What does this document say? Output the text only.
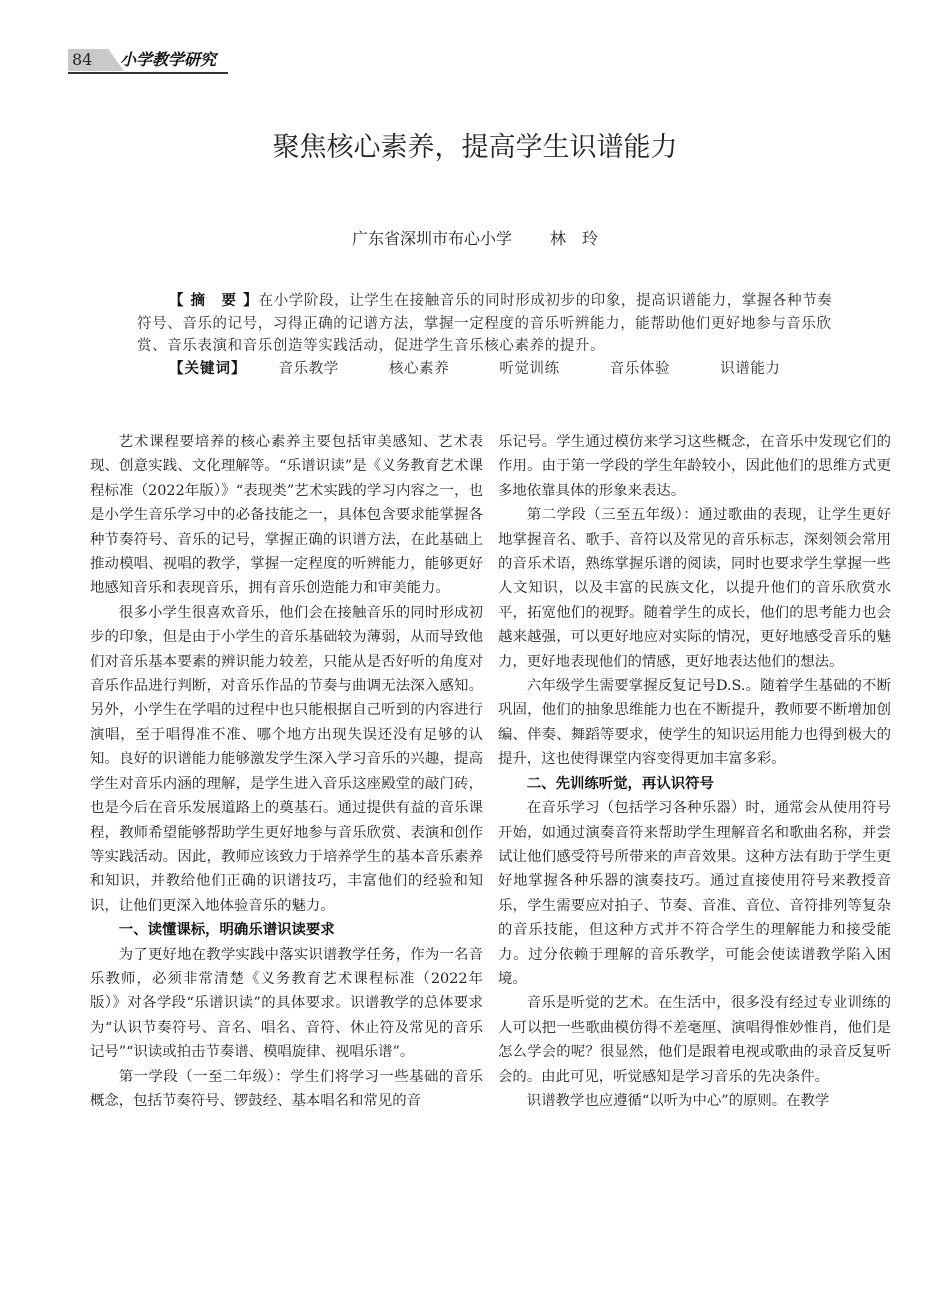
84 小学教学研究
聚焦核心素养，提高学生识谱能力
广东省深圳市布心小学 林　玲

【 摘　要 】在小学阶段，让学生在接触音乐的同时形成初步的印象，提高识谱能力，掌握各种节奏符号、音乐的记号，习得正确的记谱方法，掌握一定程度的音乐听辨能力，能帮助他们更好地参与音乐欣赏、音乐表演和音乐创造等实践活动，促进学生音乐核心素养的提升。

【关键词】 音乐教学	核心素养	听觉训练	音乐体验	识谱能力

艺术课程要培养的核心素养主要包括审美感知、艺术表现、创意实践、文化理解等。“乐谱识读”是《义务教育艺术课程标准（2022年版）》“表现类”艺术实践的学习内容之一，也是小学生音乐学习中的必备技能之一，具体包含要求能掌握各种节奏符号、音乐的记号，掌握正确的识谱方法，在此基础上推动模唱、视唱的教学，掌握一定程度的听辨能力，能够更好地感知音乐和表现音乐，拥有音乐创造能力和审美能力。

很多小学生很喜欢音乐，他们会在接触音乐的同时形成初步的印象，但是由于小学生的音乐基础较为薄弱，从而导致他们对音乐基本要素的辨识能力较差，只能从是否好听的角度对音乐作品进行判断，对音乐作品的节奏与曲调无法深入感知。另外，小学生在学唱的过程中也只能根据自己听到的内容进行演唱，至于唱得准不准、哪个地方出现失误还没有足够的认知。良好的识谱能力能够激发学生深入学习音乐的兴趣，提高学生对音乐内涵的理解，是学生进入音乐这座殿堂的敲门砖，也是今后在音乐发展道路上的奠基石。通过提供有益的音乐课程，教师希望能够帮助学生更好地参与音乐欣赏、表演和创作等实践活动。因此，教师应该致力于培养学生的基本音乐素养和知识，并教给他们正确的识谱技巧，丰富他们的经验和知识，让他们更深入地体验音乐的魅力。

一、读懂课标，明确乐谱识读要求

为了更好地在教学实践中落实识谱教学任务，作为一名音乐教师，必须非常清楚《义务教育艺术课程标准（2022年版）》对各学段“乐谱识读”的具体要求。识谱教学的总体要求为“认识节奏符号、音名、唱名、音符、休止符及常见的音乐记号”“识读或拍击节奏谱、模唱旋律、视唱乐谱”。

第一学段（一至二年级）：学生们将学习一些基础的音乐概念，包括节奏符号、锣鼓经、基本唱名和常见的音

乐记号。学生通过模仿来学习这些概念，在音乐中发现它们的作用。由于第一学段的学生年龄较小，因此他们的思维方式更多地依靠具体的形象来表达。

第二学段（三至五年级）：通过歌曲的表现，让学生更好地掌握音名、歌手、音符以及常见的音乐标志，深刻领会常用的音乐术语，熟练掌握乐谱的阅读，同时也要求学生掌握一些人文知识，以及丰富的民族文化，以提升他们的音乐欣赏水平，拓宽他们的视野。随着学生的成长，他们的思考能力也会越来越强，可以更好地应对实际的情况，更好地感受音乐的魅力，更好地表现他们的情感，更好地表达他们的想法。

六年级学生需要掌握反复记号D.S.。随着学生基础的不断巩固，他们的抽象思维能力也在不断提升，教师要不断增加创编、伴奏、舞蹈等要求，使学生的知识运用能力也得到极大的提升，这也使得课堂内容变得更加丰富多彩。

二、先训练听觉，再认识符号

在音乐学习（包括学习各种乐器）时，通常会从使用符号开始，如通过演奏音符来帮助学生理解音名和歌曲名称，并尝试让他们感受符号所带来的声音效果。这种方法有助于学生更好地掌握各种乐器的演奏技巧。通过直接使用符号来教授音乐，学生需要应对拍子、节奏、音准、音位、音符排列等复杂的音乐技能，但这种方式并不符合学生的理解能力和接受能力。过分依赖于理解的音乐教学，可能会使读谱教学陷入困境。

音乐是听觉的艺术。在生活中，很多没有经过专业训练的人可以把一些歌曲模仿得不差毫厘、演唱得惟妙惟肖，他们是怎么学会的呢？很显然，他们是跟着电视或歌曲的录音反复听会的。由此可见，听觉感知是学习音乐的先决条件。

识谱教学也应遵循“以听为中心”的原则。在教学
